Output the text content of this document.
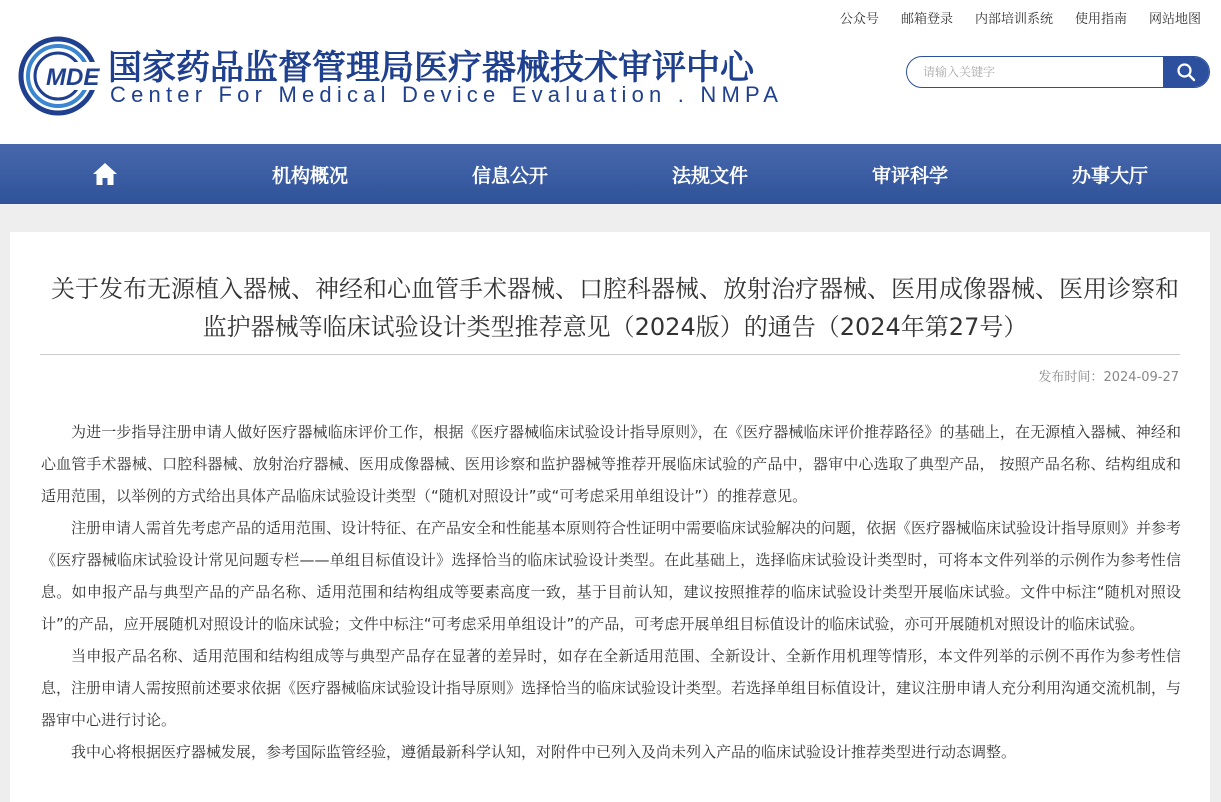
公众号 邮箱登录 内部培训系统 使用指南 网站地图
MDE 国家药品监督管理局医疗器械技术审评中心
Center For Medical Device Evaluation . NMPA
请输入关键字
机构概况	信息公开	法规文件	审评科学	办事大厅
关于发布无源植入器械、神经和心血管手术器械、口腔科器械、放射治疗器械、医用成像器械、医用诊察和监护器械等临床试验设计类型推荐意见（2024版）的通告（2024年第27号）
发布时间：2024-09-27

为进一步指导注册申请人做好医疗器械临床评价工作，根据《医疗器械临床试验设计指导原则》，在《医疗器械临床评价推荐路径》的基础上，在无源植入器械、神经和心血管手术器械、口腔科器械、放射治疗器械、医用成像器械、医用诊察和监护器械等推荐开展临床试验的产品中，器审中心选取了典型产品， 按照产品名称、结构组成和适用范围，以举例的方式给出具体产品临床试验设计类型（“随机对照设计”或“可考虑采用单组设计”）的推荐意见。

注册申请人需首先考虑产品的适用范围、设计特征、在产品安全和性能基本原则符合性证明中需要临床试验解决的问题，依据《医疗器械临床试验设计指导原则》并参考《医疗器械临床试验设计常见问题专栏——单组目标值设计》选择恰当的临床试验设计类型。在此基础上，选择临床试验设计类型时，可将本文件列举的示例作为参考性信息。如申报产品与典型产品的产品名称、适用范围和结构组成等要素高度一致，基于目前认知，建议按照推荐的临床试验设计类型开展临床试验。文件中标注“随机对照设计”的产品，应开展随机对照设计的临床试验；文件中标注“可考虑采用单组设计”的产品，可考虑开展单组目标值设计的临床试验，亦可开展随机对照设计的临床试验。

当申报产品名称、适用范围和结构组成等与典型产品存在显著的差异时，如存在全新适用范围、全新设计、全新作用机理等情形，本文件列举的示例不再作为参考性信息，注册申请人需按照前述要求依据《医疗器械临床试验设计指导原则》选择恰当的临床试验设计类型。若选择单组目标值设计，建议注册申请人充分利用沟通交流机制，与器审中心进行讨论。

我中心将根据医疗器械发展，参考国际监管经验，遵循最新科学认知，对附件中已列入及尚未列入产品的临床试验设计推荐类型进行动态调整。
